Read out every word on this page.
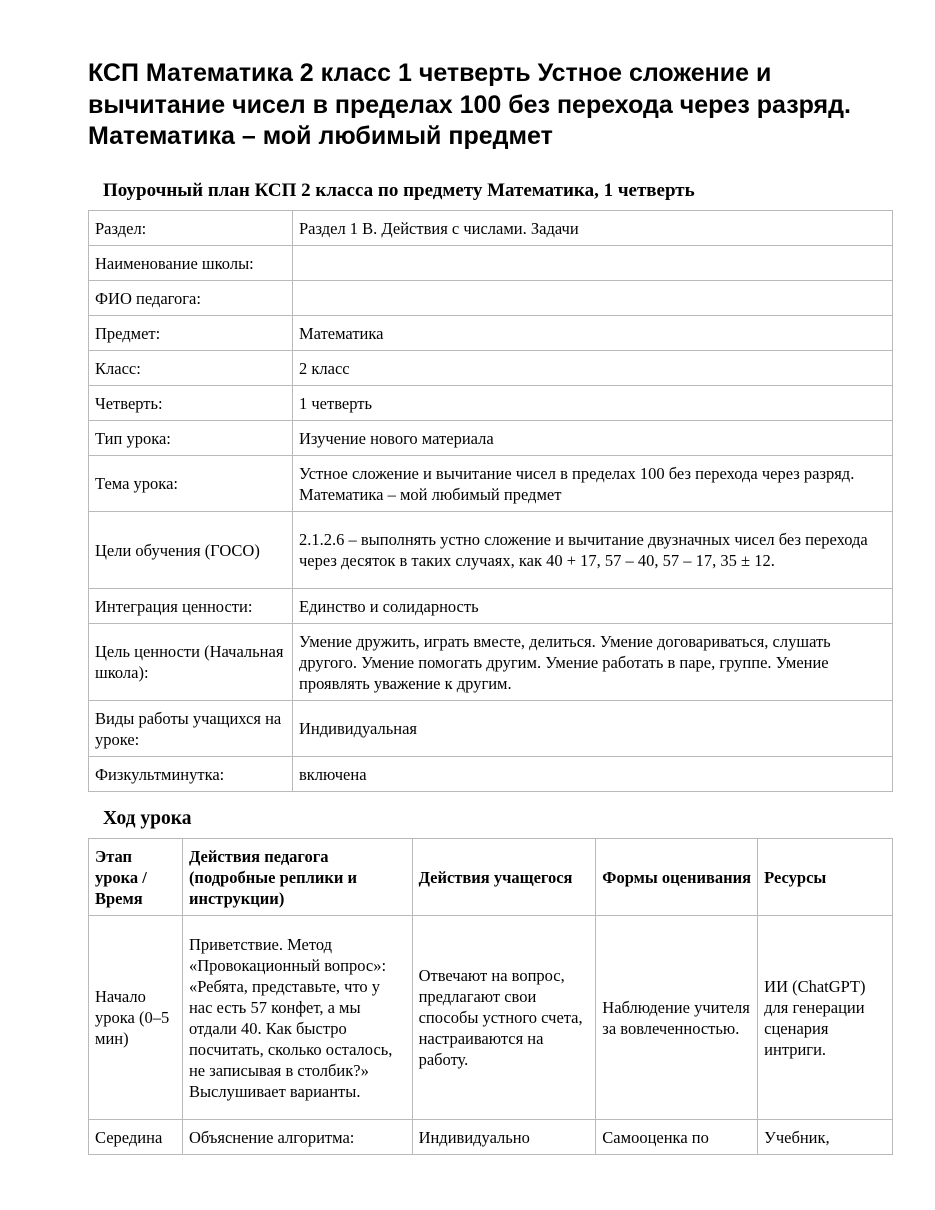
КСП Математика 2 класс 1 четверть Устное сложение и вычитание чисел в пределах 100 без перехода через разряд. Математика – мой любимый предмет
Поурочный план КСП 2 класса по предмету Математика, 1 четверть
Раздел:	Раздел 1 В. Действия с числами. Задачи
Наименование школы:	
ФИО педагога:	
Предмет:	Математика
Класс:	2 класс
Четверть:	1 четверть
Тип урока:	Изучение нового материала
Тема урока:	Устное сложение и вычитание чисел в пределах 100 без перехода через разряд. Математика – мой любимый предмет
Цели обучения (ГОСО)	2.1.2.6 – выполнять устно сложение и вычитание двузначных чисел без перехода через десяток в таких случаях, как 40 + 17, 57 – 40, 57 – 17, 35 ± 12.
Интеграция ценности:	Единство и солидарность
Цель ценности (Начальная школа):	Умение дружить, играть вместе, делиться. Умение договариваться, слушать другого. Умение помогать другим. Умение работать в паре, группе. Умение проявлять уважение к другим.
Виды работы учащихся на уроке:	Индивидуальная
Физкультминутка:	включена
Ход урока
Этап урока / Время	Действия педагога (подробные реплики и инструкции)	Действия учащегося	Формы оценивания	Ресурсы
Начало урока (0–5 мин)	Приветствие. Метод «Провокационный вопрос»: «Ребята, представьте, что у нас есть 57 конфет, а мы отдали 40. Как быстро посчитать, сколько осталось, не записывая в столбик?» Выслушивает варианты.	Отвечают на вопрос, предлагают свои способы устного счета, настраиваются на работу.	Наблюдение учителя за вовлеченностью.	ИИ (ChatGPT) для генерации сценария интриги.
Середина	Объяснение алгоритма:	Индивидуально	Самооценка по	Учебник,
